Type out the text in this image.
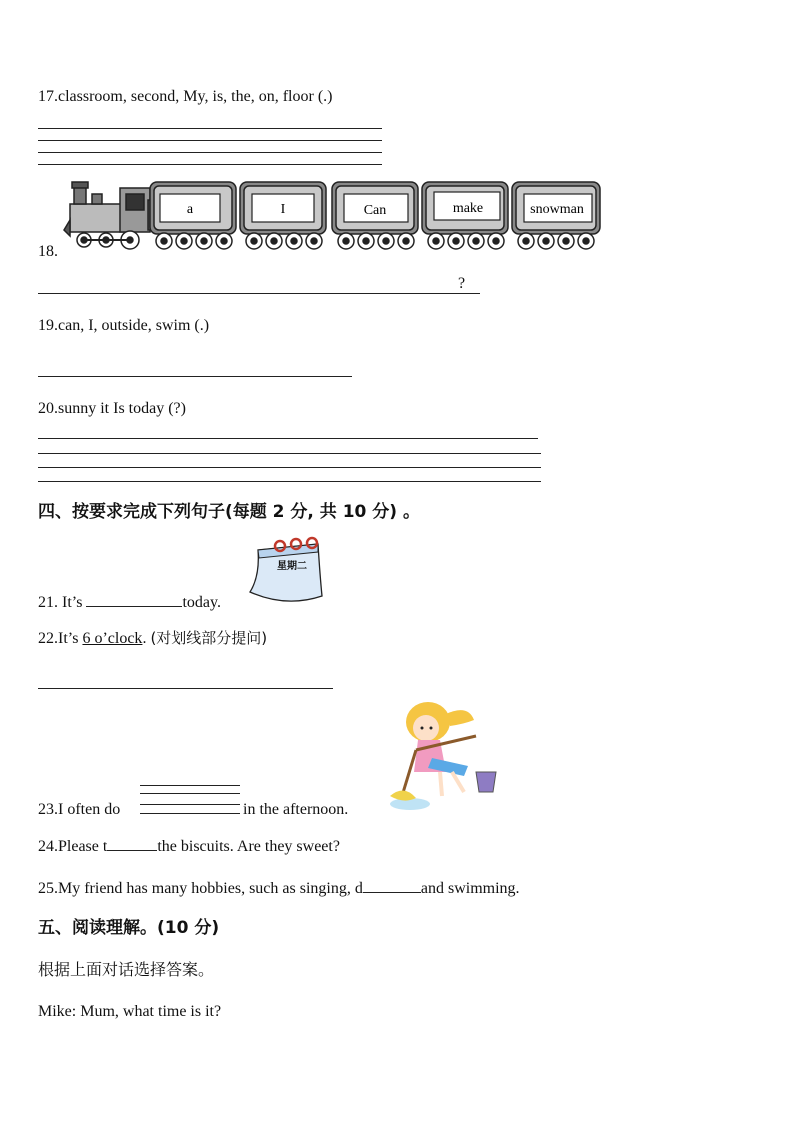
17.classroom, second, My, is, the, on, floor (.)
18.
a	I	Can	make	snowman
?
19.can, I, outside, swim (.)
20.sunny it Is today (?)
四、按要求完成下列句子(每题 2 分, 共 10 分) 。
星期二
21. It’s	today.
22.It’s 6 o’clock. (对划线部分提问)
23.I often do	in the afternoon.
24.Please t	the biscuits. Are they sweet?
25.My friend has many hobbies, such as singing, d	and swimming.
五、阅读理解。(10 分)
根据上面对话选择答案。
Mike: Mum, what time is it?
